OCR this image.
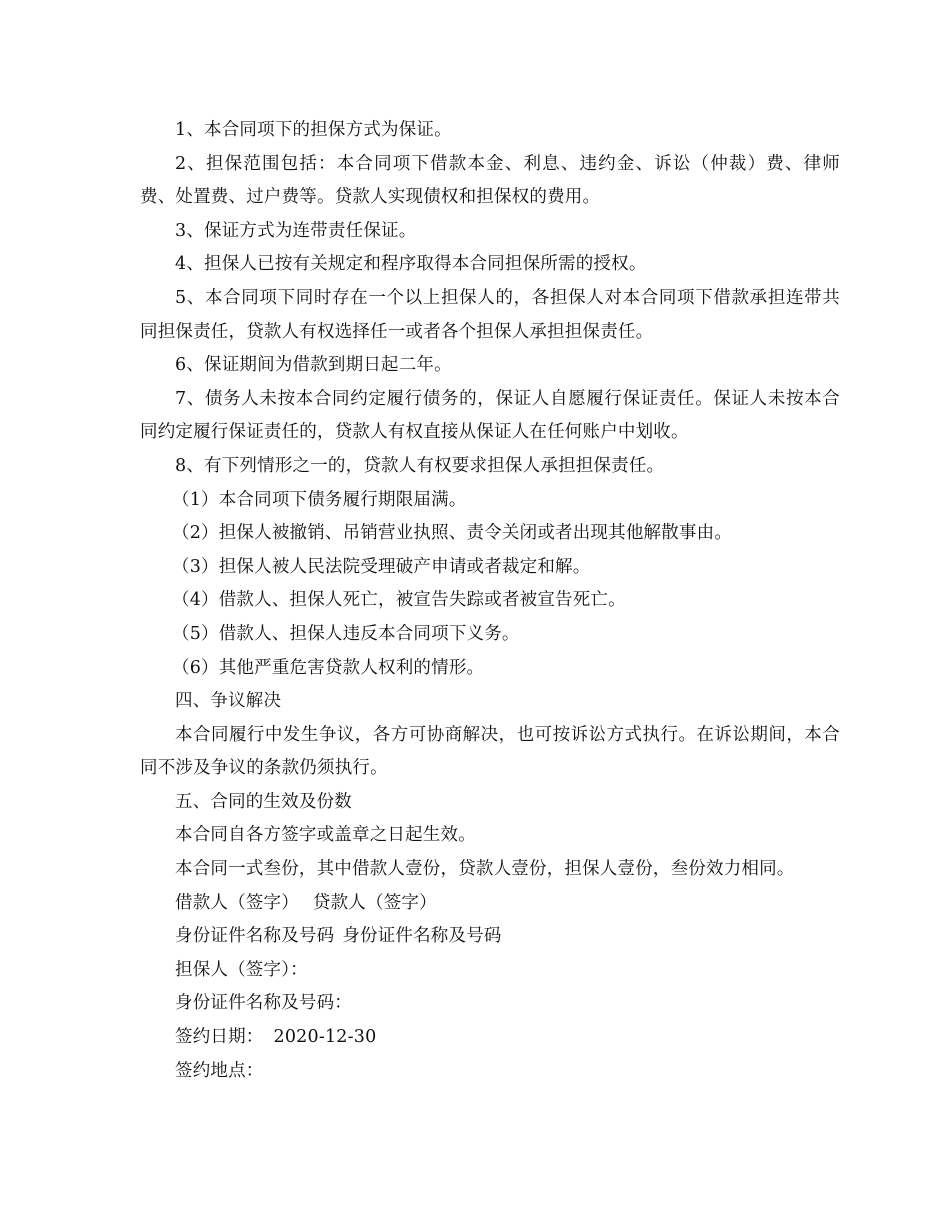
1、本合同项下的担保方式为保证。

2、担保范围包括：本合同项下借款本金、利息、违约金、诉讼（仲裁）费、律师费、处置费、过户费等。贷款人实现债权和担保权的费用。

3、保证方式为连带责任保证。

4、担保人已按有关规定和程序取得本合同担保所需的授权。

5、本合同项下同时存在一个以上担保人的，各担保人对本合同项下借款承担连带共同担保责任，贷款人有权选择任一或者各个担保人承担担保责任。

6、保证期间为借款到期日起二年。

7、债务人未按本合同约定履行债务的，保证人自愿履行保证责任。保证人未按本合同约定履行保证责任的，贷款人有权直接从保证人在任何账户中划收。

8、有下列情形之一的，贷款人有权要求担保人承担担保责任。

（1）本合同项下债务履行期限届满。

（2）担保人被撤销、吊销营业执照、责令关闭或者出现其他解散事由。

（3）担保人被人民法院受理破产申请或者裁定和解。

（4）借款人、担保人死亡，被宣告失踪或者被宣告死亡。

（5）借款人、担保人违反本合同项下义务。

（6）其他严重危害贷款人权利的情形。

四、争议解决

本合同履行中发生争议，各方可协商解决，也可按诉讼方式执行。在诉讼期间，本合同不涉及争议的条款仍须执行。

五、合同的生效及份数

本合同自各方签字或盖章之日起生效。

本合同一式叁份，其中借款人壹份，贷款人壹份，担保人壹份，叁份效力相同。

借款人（签字） 贷款人（签字）

身份证件名称及号码 身份证件名称及号码

担保人（签字）：

身份证件名称及号码：

签约日期： 2020-12-30

签约地点：
